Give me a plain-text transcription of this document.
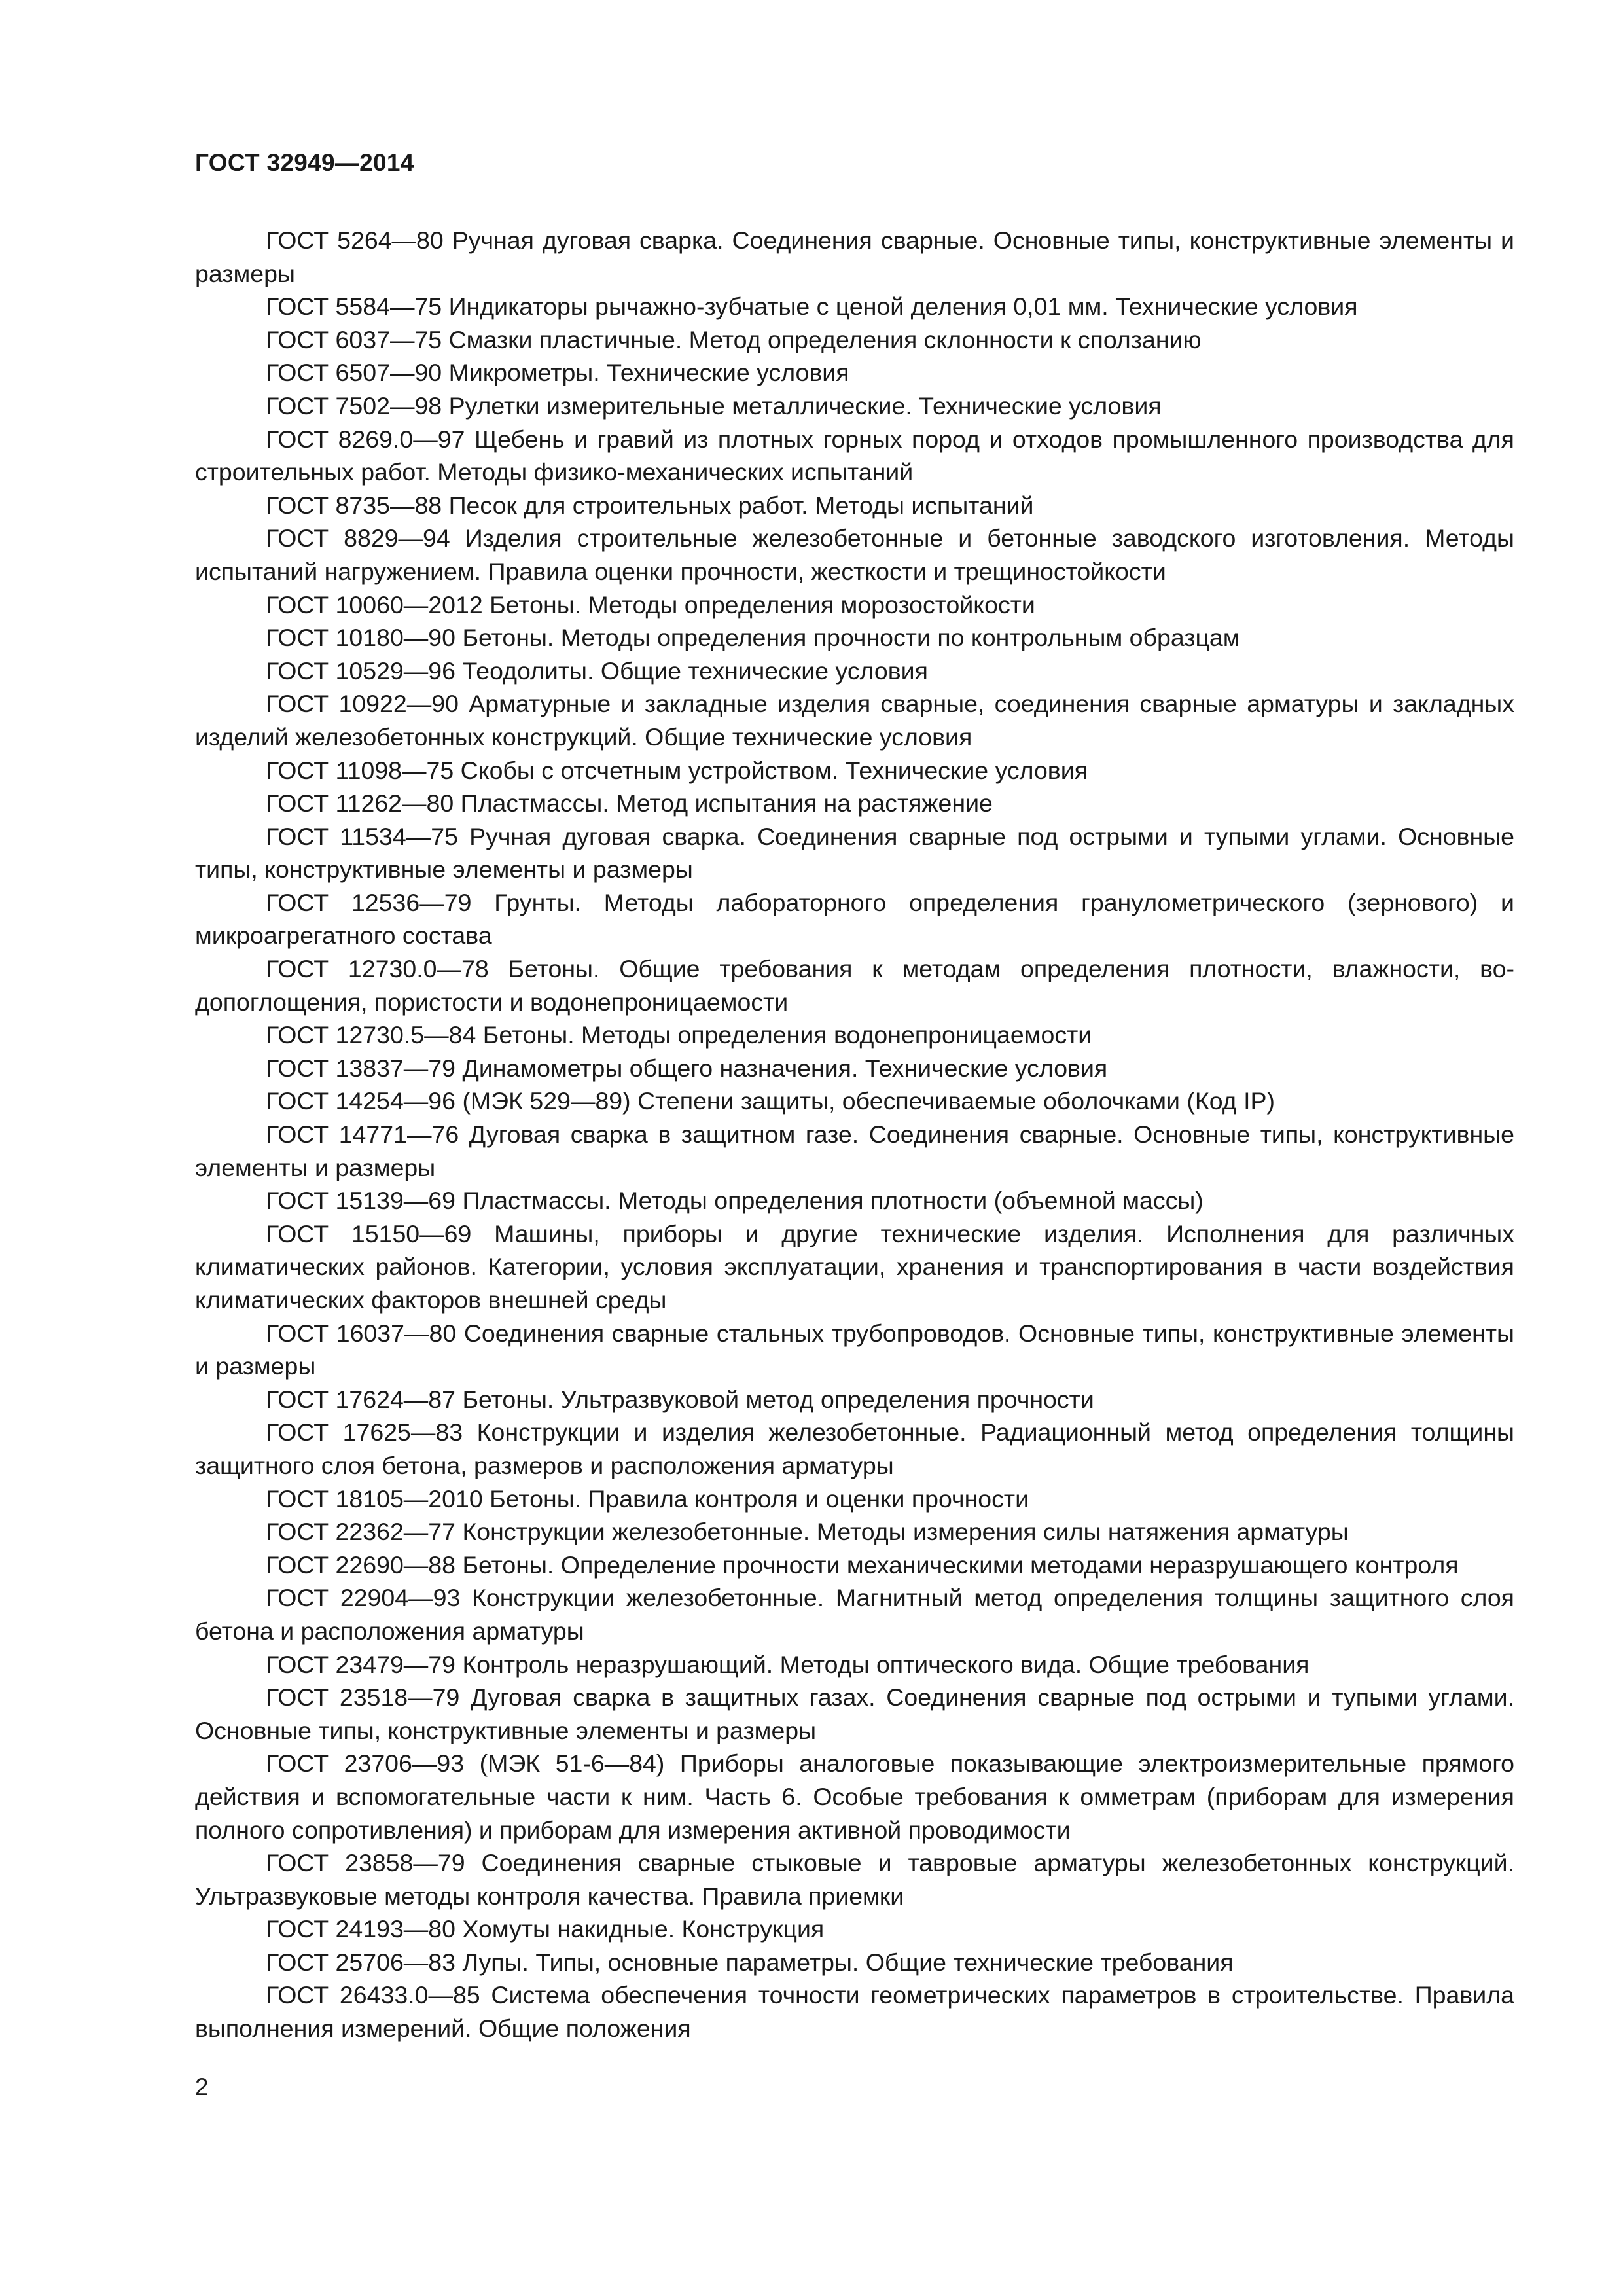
ГОСТ 32949—2014

ГОСТ 5264—80 Ручная дуговая сварка. Соединения сварные. Основные типы, конструктивные элементы и размеры

ГОСТ 5584—75 Индикаторы рычажно-зубчатые с ценой деления 0,01 мм. Технические условия

ГОСТ 6037—75 Смазки пластичные. Метод определения склонности к сползанию

ГОСТ 6507—90 Микрометры. Технические условия

ГОСТ 7502—98 Рулетки измерительные металлические. Технические условия

ГОСТ 8269.0—97 Щебень и гравий из плотных горных пород и отходов промышленного производства для строительных работ. Методы физико-механических испытаний

ГОСТ 8735—88 Песок для строительных работ. Методы испытаний

ГОСТ 8829—94 Изделия строительные железобетонные и бетонные заводского изготовления. Методы испытаний нагружением. Правила оценки прочности, жесткости и трещиностойкости

ГОСТ 10060—2012 Бетоны. Методы определения морозостойкости

ГОСТ 10180—90 Бетоны. Методы определения прочности по контрольным образцам

ГОСТ 10529—96 Теодолиты. Общие технические условия

ГОСТ 10922—90 Арматурные и закладные изделия сварные, соединения сварные арматуры и закладных изделий железобетонных конструкций. Общие технические условия

ГОСТ 11098—75 Скобы с отсчетным устройством. Технические условия

ГОСТ 11262—80 Пластмассы. Метод испытания на растяжение

ГОСТ 11534—75 Ручная дуговая сварка. Соединения сварные под острыми и тупыми углами. Основные типы, конструктивные элементы и размеры

ГОСТ 12536—79 Грунты. Методы лабораторного определения гранулометрического (зернового) и микроагрегатного состава

ГОСТ 12730.0—78 Бетоны. Общие требования к методам определения плотности, влажности, водопоглощения, пористости и водонепроницаемости

ГОСТ 12730.5—84 Бетоны. Методы определения водонепроницаемости

ГОСТ 13837—79 Динамометры общего назначения. Технические условия

ГОСТ 14254—96 (МЭК 529—89) Степени защиты, обеспечиваемые оболочками (Код IP)

ГОСТ 14771—76 Дуговая сварка в защитном газе. Соединения сварные. Основные типы, конструктивные элементы и размеры

ГОСТ 15139—69 Пластмассы. Методы определения плотности (объемной массы)

ГОСТ 15150—69 Машины, приборы и другие технические изделия. Исполнения для различных климатических районов. Категории, условия эксплуатации, хранения и транспортирования в части воздействия климатических факторов внешней среды

ГОСТ 16037—80 Соединения сварные стальных трубопроводов. Основные типы, конструктивные элементы и размеры

ГОСТ 17624—87 Бетоны. Ультразвуковой метод определения прочности

ГОСТ 17625—83 Конструкции и изделия железобетонные. Радиационный метод определения толщины защитного слоя бетона, размеров и расположения арматуры

ГОСТ 18105—2010 Бетоны. Правила контроля и оценки прочности

ГОСТ 22362—77 Конструкции железобетонные. Методы измерения силы натяжения арматуры

ГОСТ 22690—88 Бетоны. Определение прочности механическими методами неразрушающего контроля

ГОСТ 22904—93 Конструкции железобетонные. Магнитный метод определения толщины защитного слоя бетона и расположения арматуры

ГОСТ 23479—79 Контроль неразрушающий. Методы оптического вида. Общие требования

ГОСТ 23518—79 Дуговая сварка в защитных газах. Соединения сварные под острыми и тупыми углами. Основные типы, конструктивные элементы и размеры

ГОСТ 23706—93 (МЭК 51-6—84) Приборы аналоговые показывающие электроизмерительные прямого действия и вспомогательные части к ним. Часть 6. Особые требования к омметрам (приборам для измерения полного сопротивления) и приборам для измерения активной проводимости

ГОСТ 23858—79 Соединения сварные стыковые и тавровые арматуры железобетонных конструкций. Ультразвуковые методы контроля качества. Правила приемки

ГОСТ 24193—80 Хомуты накидные. Конструкция

ГОСТ 25706—83 Лупы. Типы, основные параметры. Общие технические требования

ГОСТ 26433.0—85 Система обеспечения точности геометрических параметров в строительстве. Правила выполнения измерений. Общие положения

2
